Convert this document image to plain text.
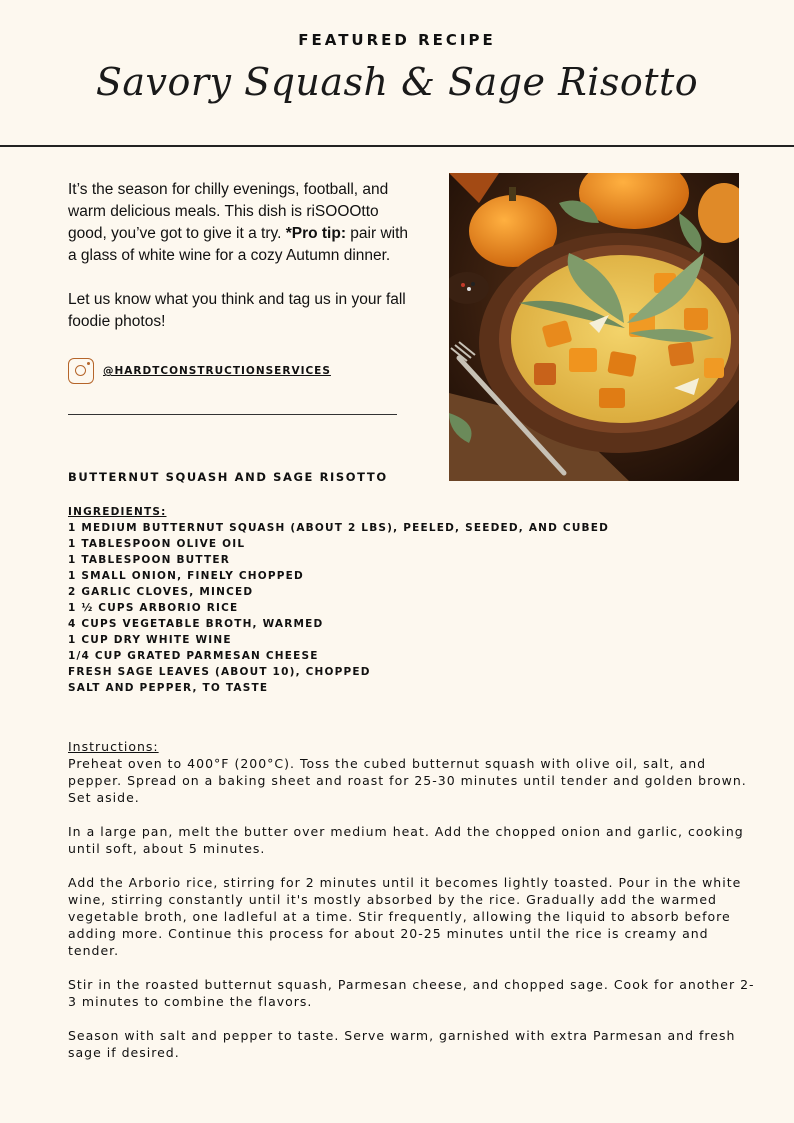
FEATURED RECIPE
Savory Squash & Sage Risotto

It’s the season for chilly evenings, football, and warm delicious meals. This dish is riSOOOtto good, you’ve got to give it a try. *Pro tip: pair with a glass of white wine for a cozy Autumn dinner.

Let us know what you think and tag us in your fall foodie photos!

@HARDTCONSTRUCTIONSERVICES
BUTTERNUT SQUASH AND SAGE RISOTTO
INGREDIENTS:
1 MEDIUM BUTTERNUT SQUASH (ABOUT 2 LBS), PEELED, SEEDED, AND CUBED
1 TABLESPOON OLIVE OIL
1 TABLESPOON BUTTER
1 SMALL ONION, FINELY CHOPPED
2 GARLIC CLOVES, MINCED
1 ½ CUPS ARBORIO RICE
4 CUPS VEGETABLE BROTH, WARMED
1 CUP DRY WHITE WINE
1/4 CUP GRATED PARMESAN CHEESE
FRESH SAGE LEAVES (ABOUT 10), CHOPPED
SALT AND PEPPER, TO TASTE
Instructions:

Preheat oven to 400°F (200°C). Toss the cubed butternut squash with olive oil, salt, and pepper. Spread on a baking sheet and roast for 25-30 minutes until tender and golden brown. Set aside.

In a large pan, melt the butter over medium heat. Add the chopped onion and garlic, cooking until soft, about 5 minutes.

Add the Arborio rice, stirring for 2 minutes until it becomes lightly toasted. Pour in the white wine, stirring constantly until it's mostly absorbed by the rice. Gradually add the warmed vegetable broth, one ladleful at a time. Stir frequently, allowing the liquid to absorb before adding more. Continue this process for about 20-25 minutes until the rice is creamy and tender.

Stir in the roasted butternut squash, Parmesan cheese, and chopped sage. Cook for another 2-3 minutes to combine the flavors.

Season with salt and pepper to taste. Serve warm, garnished with extra Parmesan and fresh sage if desired.
